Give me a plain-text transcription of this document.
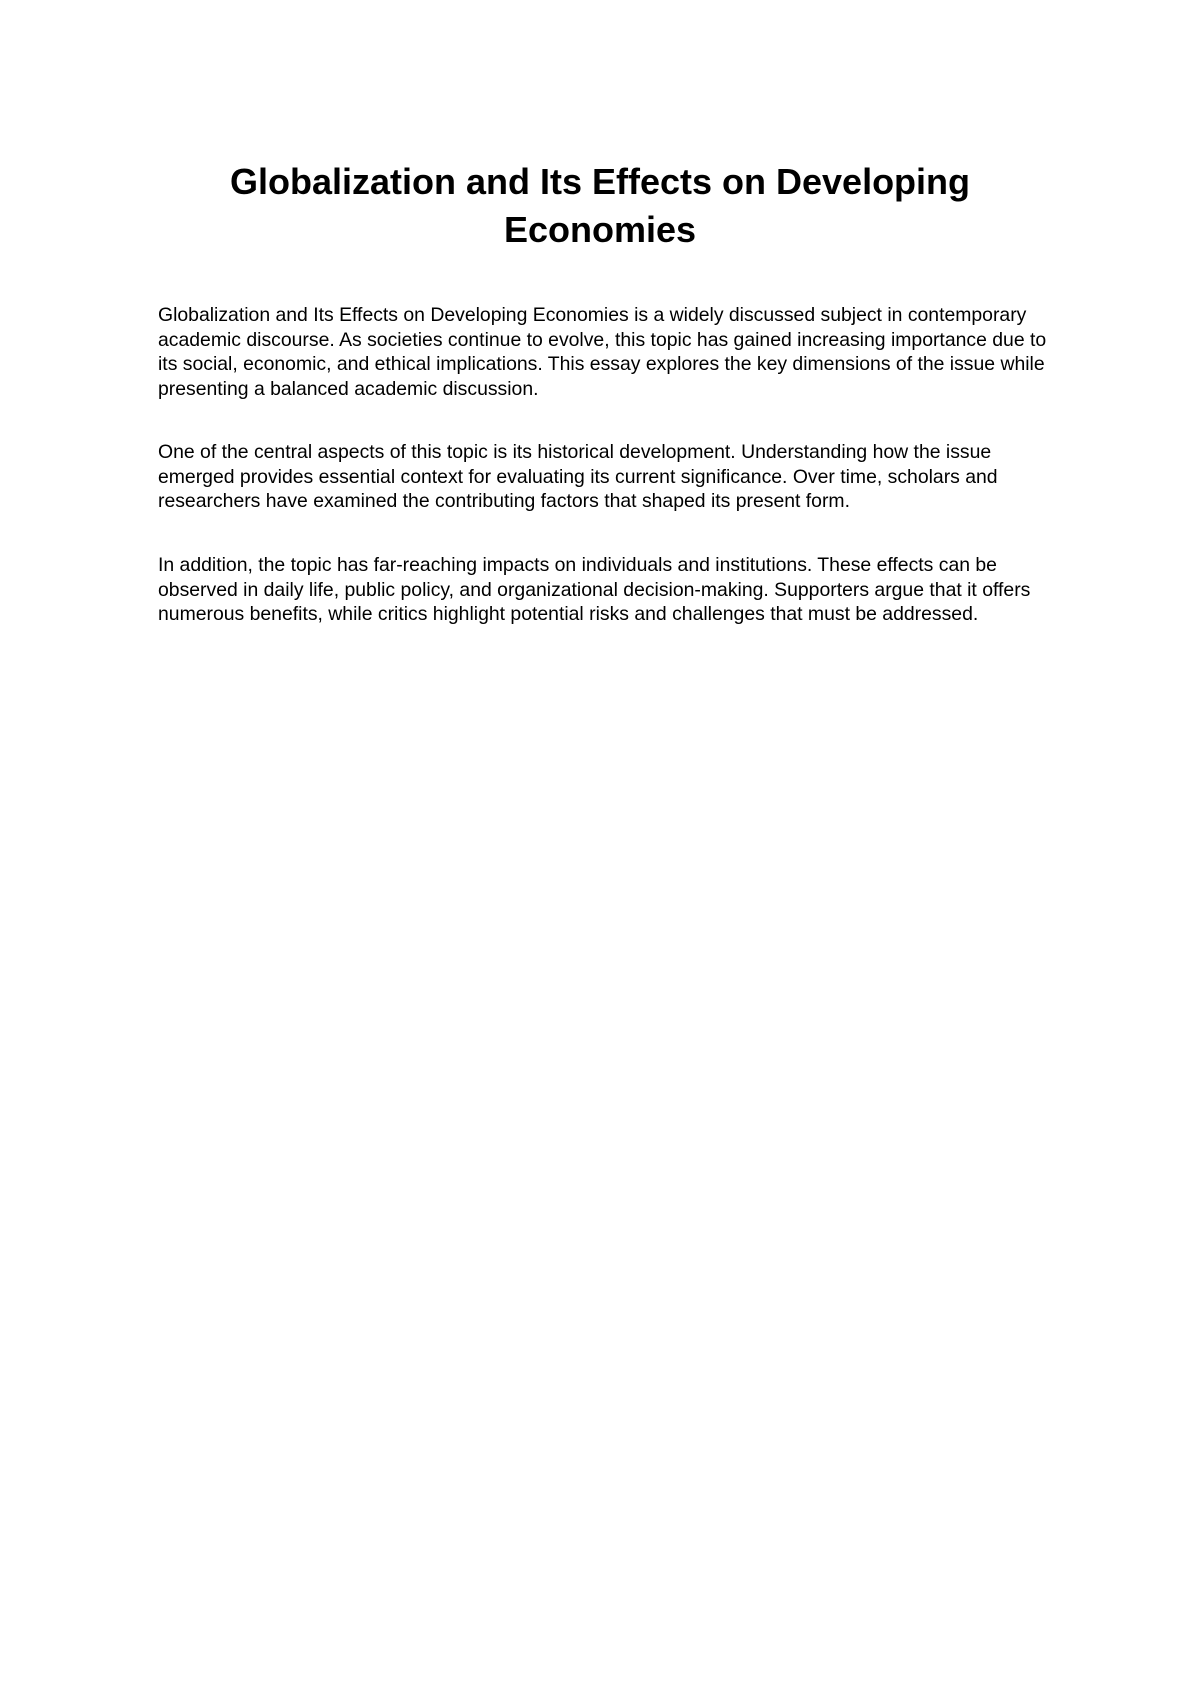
Globalization and Its Effects on Developing Economies

Globalization and Its Effects on Developing Economies is a widely discussed subject in contemporary academic discourse. As societies continue to evolve, this topic has gained increasing importance due to its social, economic, and ethical implications. This essay explores the key dimensions of the issue while presenting a balanced academic discussion.

One of the central aspects of this topic is its historical development. Understanding how the issue emerged provides essential context for evaluating its current significance. Over time, scholars and researchers have examined the contributing factors that shaped its present form.

In addition, the topic has far-reaching impacts on individuals and institutions. These effects can be observed in daily life, public policy, and organizational decision-making. Supporters argue that it offers numerous benefits, while critics highlight potential risks and challenges that must be addressed.
